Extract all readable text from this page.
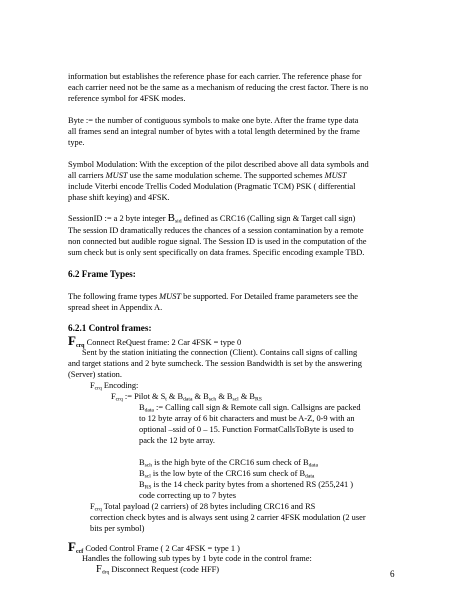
information but establishes the reference phase for each carrier. The reference phase for
each carrier need not be the same as a mechanism of reducing the crest factor. There is no
reference symbol for 4FSK modes.
Byte := the number of contiguous symbols to make one byte. After the frame type data
all frames send an integral number of bytes with a total length determined by the frame
type.
Symbol Modulation: With the exception of the pilot described above all data symbols and
all carriers MUST use the same modulation scheme. The supported schemes MUST
include Viterbi encode Trellis Coded Modulation (Pragmatic TCM) PSK ( differential
phase shift keying) and 4FSK.
SessionID := a 2 byte integer $B_{sid}$ defined as CRC16 (Calling sign & Target call sign)
The session ID dramatically reduces the chances of a session contamination by a remote
non connected but audible rogue signal. The Session ID is used in the computation of the
sum check but is only sent specifically on data frames. Specific encoding example TBD.
6.2 Frame Types:
The following frame types MUST be supported. For Detailed frame parameters see the
spread sheet in Appendix A.
6.2.1 Control frames:
$F_{crq}$ Connect ReQuest frame: 2 Car 4FSK = type 0
Sent by the station initiating the connection (Client). Contains call signs of calling
and target stations and 2 byte sumcheck. The session Bandwidth is set by the answering
(Server) station.
$F_{crq}$ Encoding:
$F_{crq}$ := Pilot & $S_t$ & $B_{data}$ & $B_{sch}$ & $B_{scl}$ & $B_{RS}$
$B_{data}$ := Calling call sign & Remote call sign. Callsigns are packed
to 12 byte array of 6 bit characters and must be A-Z, 0-9 with an
optional –ssid of 0 – 15. Function FormatCallsToByte is used to
pack the 12 byte array.
$B_{sch}$ is the high byte of the CRC16 sum check of $B_{data}$
$B_{scl}$ is the low byte of the CRC16 sum check of $B_{data}$
$B_{RS}$ is the 14 check parity bytes from a shortened RS (255,241 )
code correcting up to 7 bytes
$F_{crq}$ Total payload (2 carriers) of 28 bytes including CRC16 and RS
correction check bytes and is always sent using 2 carrier 4FSK modulation (2 user
bits per symbol)
$F_{ccf}$ Coded Control Frame ( 2 Car 4FSK = type 1 )
Handles the following sub types by 1 byte code in the control frame:
$F_{drq}$ Disconnect Request (code HFF)	6
